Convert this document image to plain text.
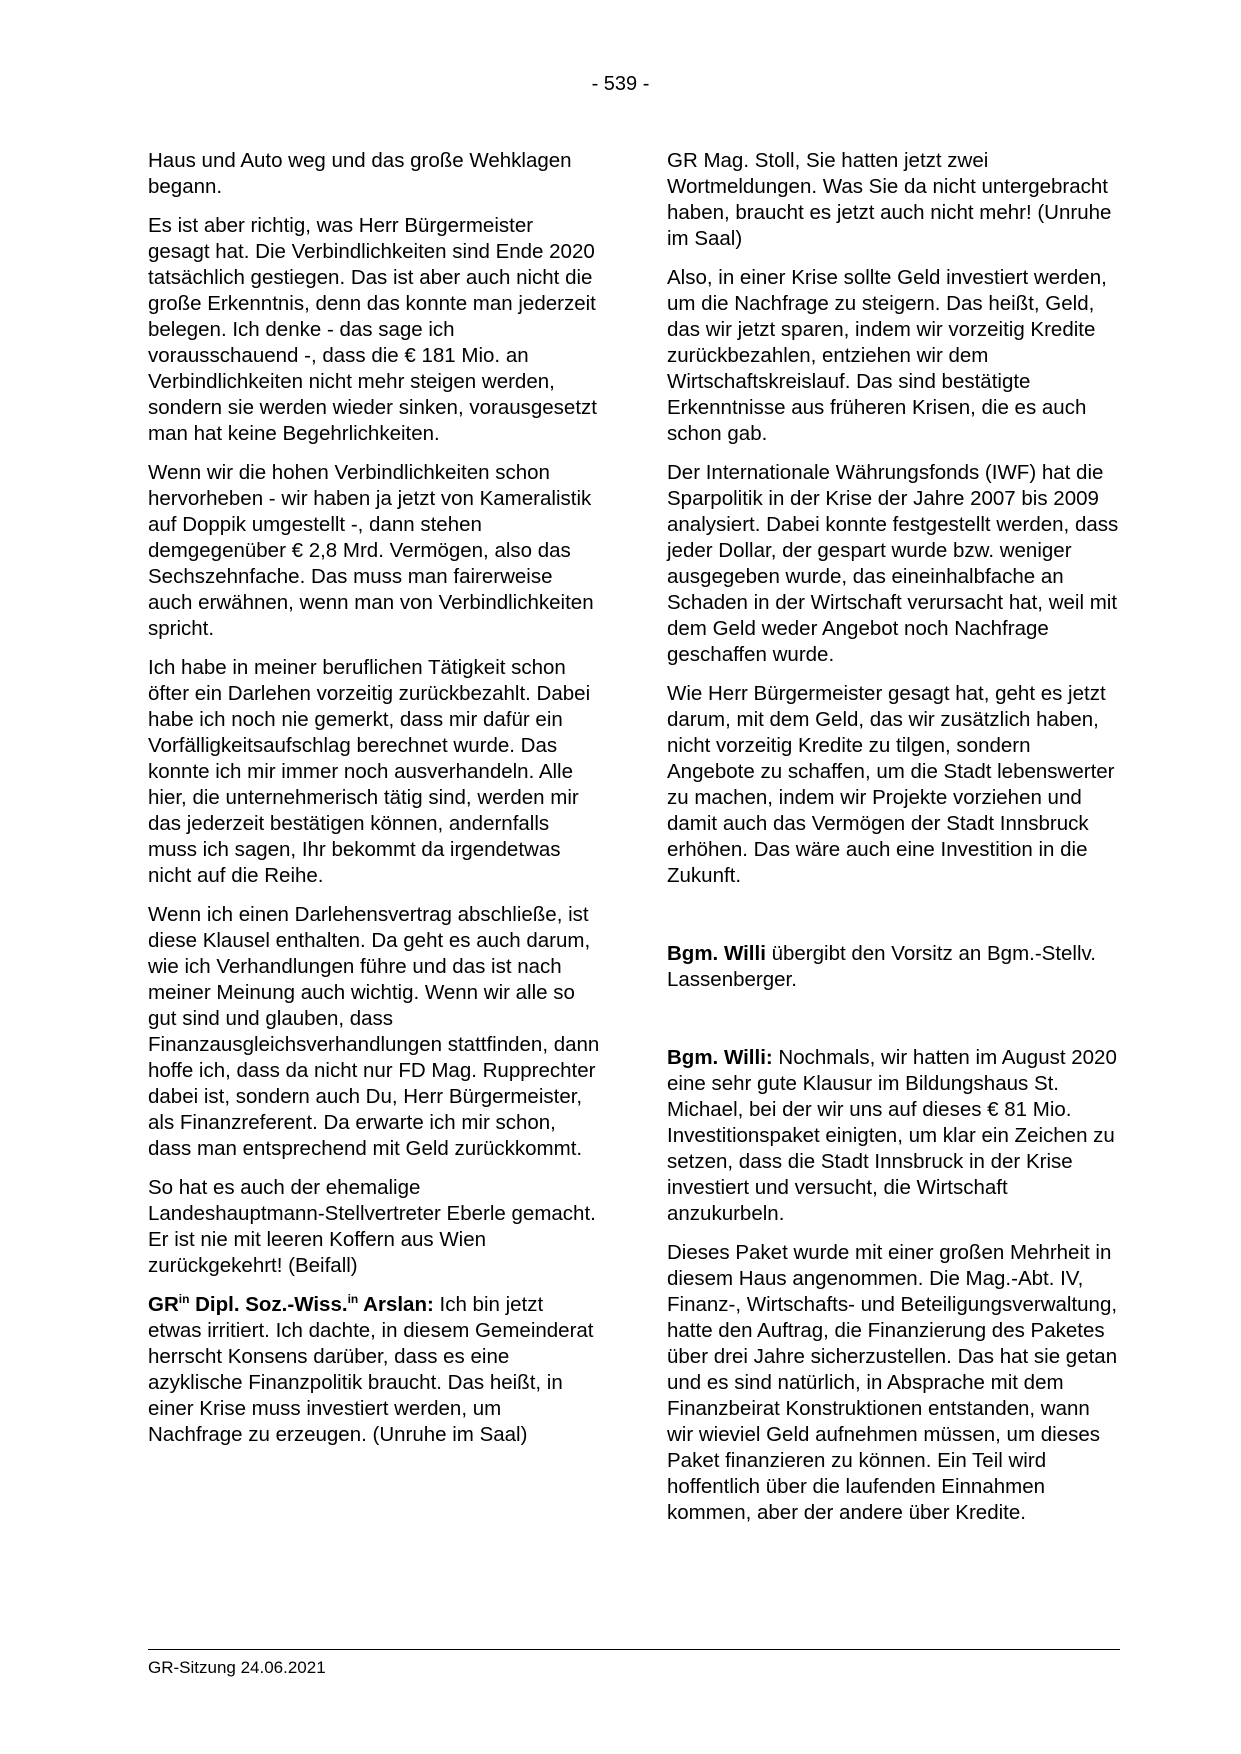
- 539 -

Haus und Auto weg und das große Wehklagen begann.

Es ist aber richtig, was Herr Bürgermeister gesagt hat. Die Verbindlichkeiten sind Ende 2020 tatsächlich gestiegen. Das ist aber auch nicht die große Erkenntnis, denn das konnte man jederzeit belegen. Ich denke - das sage ich vorausschauend -, dass die € 181 Mio. an Verbindlichkeiten nicht mehr steigen werden, sondern sie werden wieder sinken, vorausgesetzt man hat keine Begehrlichkeiten.

Wenn wir die hohen Verbindlichkeiten schon hervorheben - wir haben ja jetzt von Kameralistik auf Doppik umgestellt -, dann stehen demgegenüber € 2,8 Mrd. Vermögen, also das Sechszehnfache. Das muss man fairerweise auch erwähnen, wenn man von Verbindlichkeiten spricht.

Ich habe in meiner beruflichen Tätigkeit schon öfter ein Darlehen vorzeitig zurückbezahlt. Dabei habe ich noch nie gemerkt, dass mir dafür ein Vorfälligkeitsaufschlag berechnet wurde. Das konnte ich mir immer noch ausverhandeln. Alle hier, die unternehmerisch tätig sind, werden mir das jederzeit bestätigen können, andernfalls muss ich sagen, Ihr bekommt da irgendetwas nicht auf die Reihe.

Wenn ich einen Darlehensvertrag abschließe, ist diese Klausel enthalten. Da geht es auch darum, wie ich Verhandlungen führe und das ist nach meiner Meinung auch wichtig. Wenn wir alle so gut sind und glauben, dass Finanzausgleichsverhandlungen stattfinden, dann hoffe ich, dass da nicht nur FD Mag. Rupprechter dabei ist, sondern auch Du, Herr Bürgermeister, als Finanzreferent. Da erwarte ich mir schon, dass man entsprechend mit Geld zurückkommt.

So hat es auch der ehemalige Landeshauptmann-Stellvertreter Eberle gemacht. Er ist nie mit leeren Koffern aus Wien zurückgekehrt! (Beifall)

$GR^{in}$ Dipl. Soz.-Wiss.$^{in}$ Arslan: Ich bin jetzt etwas irritiert. Ich dachte, in diesem Gemeinderat herrscht Konsens darüber, dass es eine azyklische Finanzpolitik braucht. Das heißt, in einer Krise muss investiert werden, um Nachfrage zu erzeugen. (Unruhe im Saal)

GR Mag. Stoll, Sie hatten jetzt zwei Wortmeldungen. Was Sie da nicht untergebracht haben, braucht es jetzt auch nicht mehr! (Unruhe im Saal)

Also, in einer Krise sollte Geld investiert werden, um die Nachfrage zu steigern. Das heißt, Geld, das wir jetzt sparen, indem wir vorzeitig Kredite zurückbezahlen, entziehen wir dem Wirtschaftskreislauf. Das sind bestätigte Erkenntnisse aus früheren Krisen, die es auch schon gab.

Der Internationale Währungsfonds (IWF) hat die Sparpolitik in der Krise der Jahre 2007 bis 2009 analysiert. Dabei konnte festgestellt werden, dass jeder Dollar, der gespart wurde bzw. weniger ausgegeben wurde, das eineinhalbfache an Schaden in der Wirtschaft verursacht hat, weil mit dem Geld weder Angebot noch Nachfrage geschaffen wurde.

Wie Herr Bürgermeister gesagt hat, geht es jetzt darum, mit dem Geld, das wir zusätzlich haben, nicht vorzeitig Kredite zu tilgen, sondern Angebote zu schaffen, um die Stadt lebenswerter zu machen, indem wir Projekte vorziehen und damit auch das Vermögen der Stadt Innsbruck erhöhen. Das wäre auch eine Investition in die Zukunft.

Bgm. Willi übergibt den Vorsitz an Bgm.-Stellv. Lassenberger.

Bgm. Willi: Nochmals, wir hatten im August 2020 eine sehr gute Klausur im Bildungshaus St. Michael, bei der wir uns auf dieses € 81 Mio. Investitionspaket einigten, um klar ein Zeichen zu setzen, dass die Stadt Innsbruck in der Krise investiert und versucht, die Wirtschaft anzukurbeln.

Dieses Paket wurde mit einer großen Mehrheit in diesem Haus angenommen. Die Mag.-Abt. IV, Finanz-, Wirtschafts- und Beteiligungsverwaltung, hatte den Auftrag, die Finanzierung des Paketes über drei Jahre sicherzustellen. Das hat sie getan und es sind natürlich, in Absprache mit dem Finanzbeirat Konstruktionen entstanden, wann wir wieviel Geld aufnehmen müssen, um dieses Paket finanzieren zu können. Ein Teil wird hoffentlich über die laufenden Einnahmen kommen, aber der andere über Kredite.

GR-Sitzung 24.06.2021
